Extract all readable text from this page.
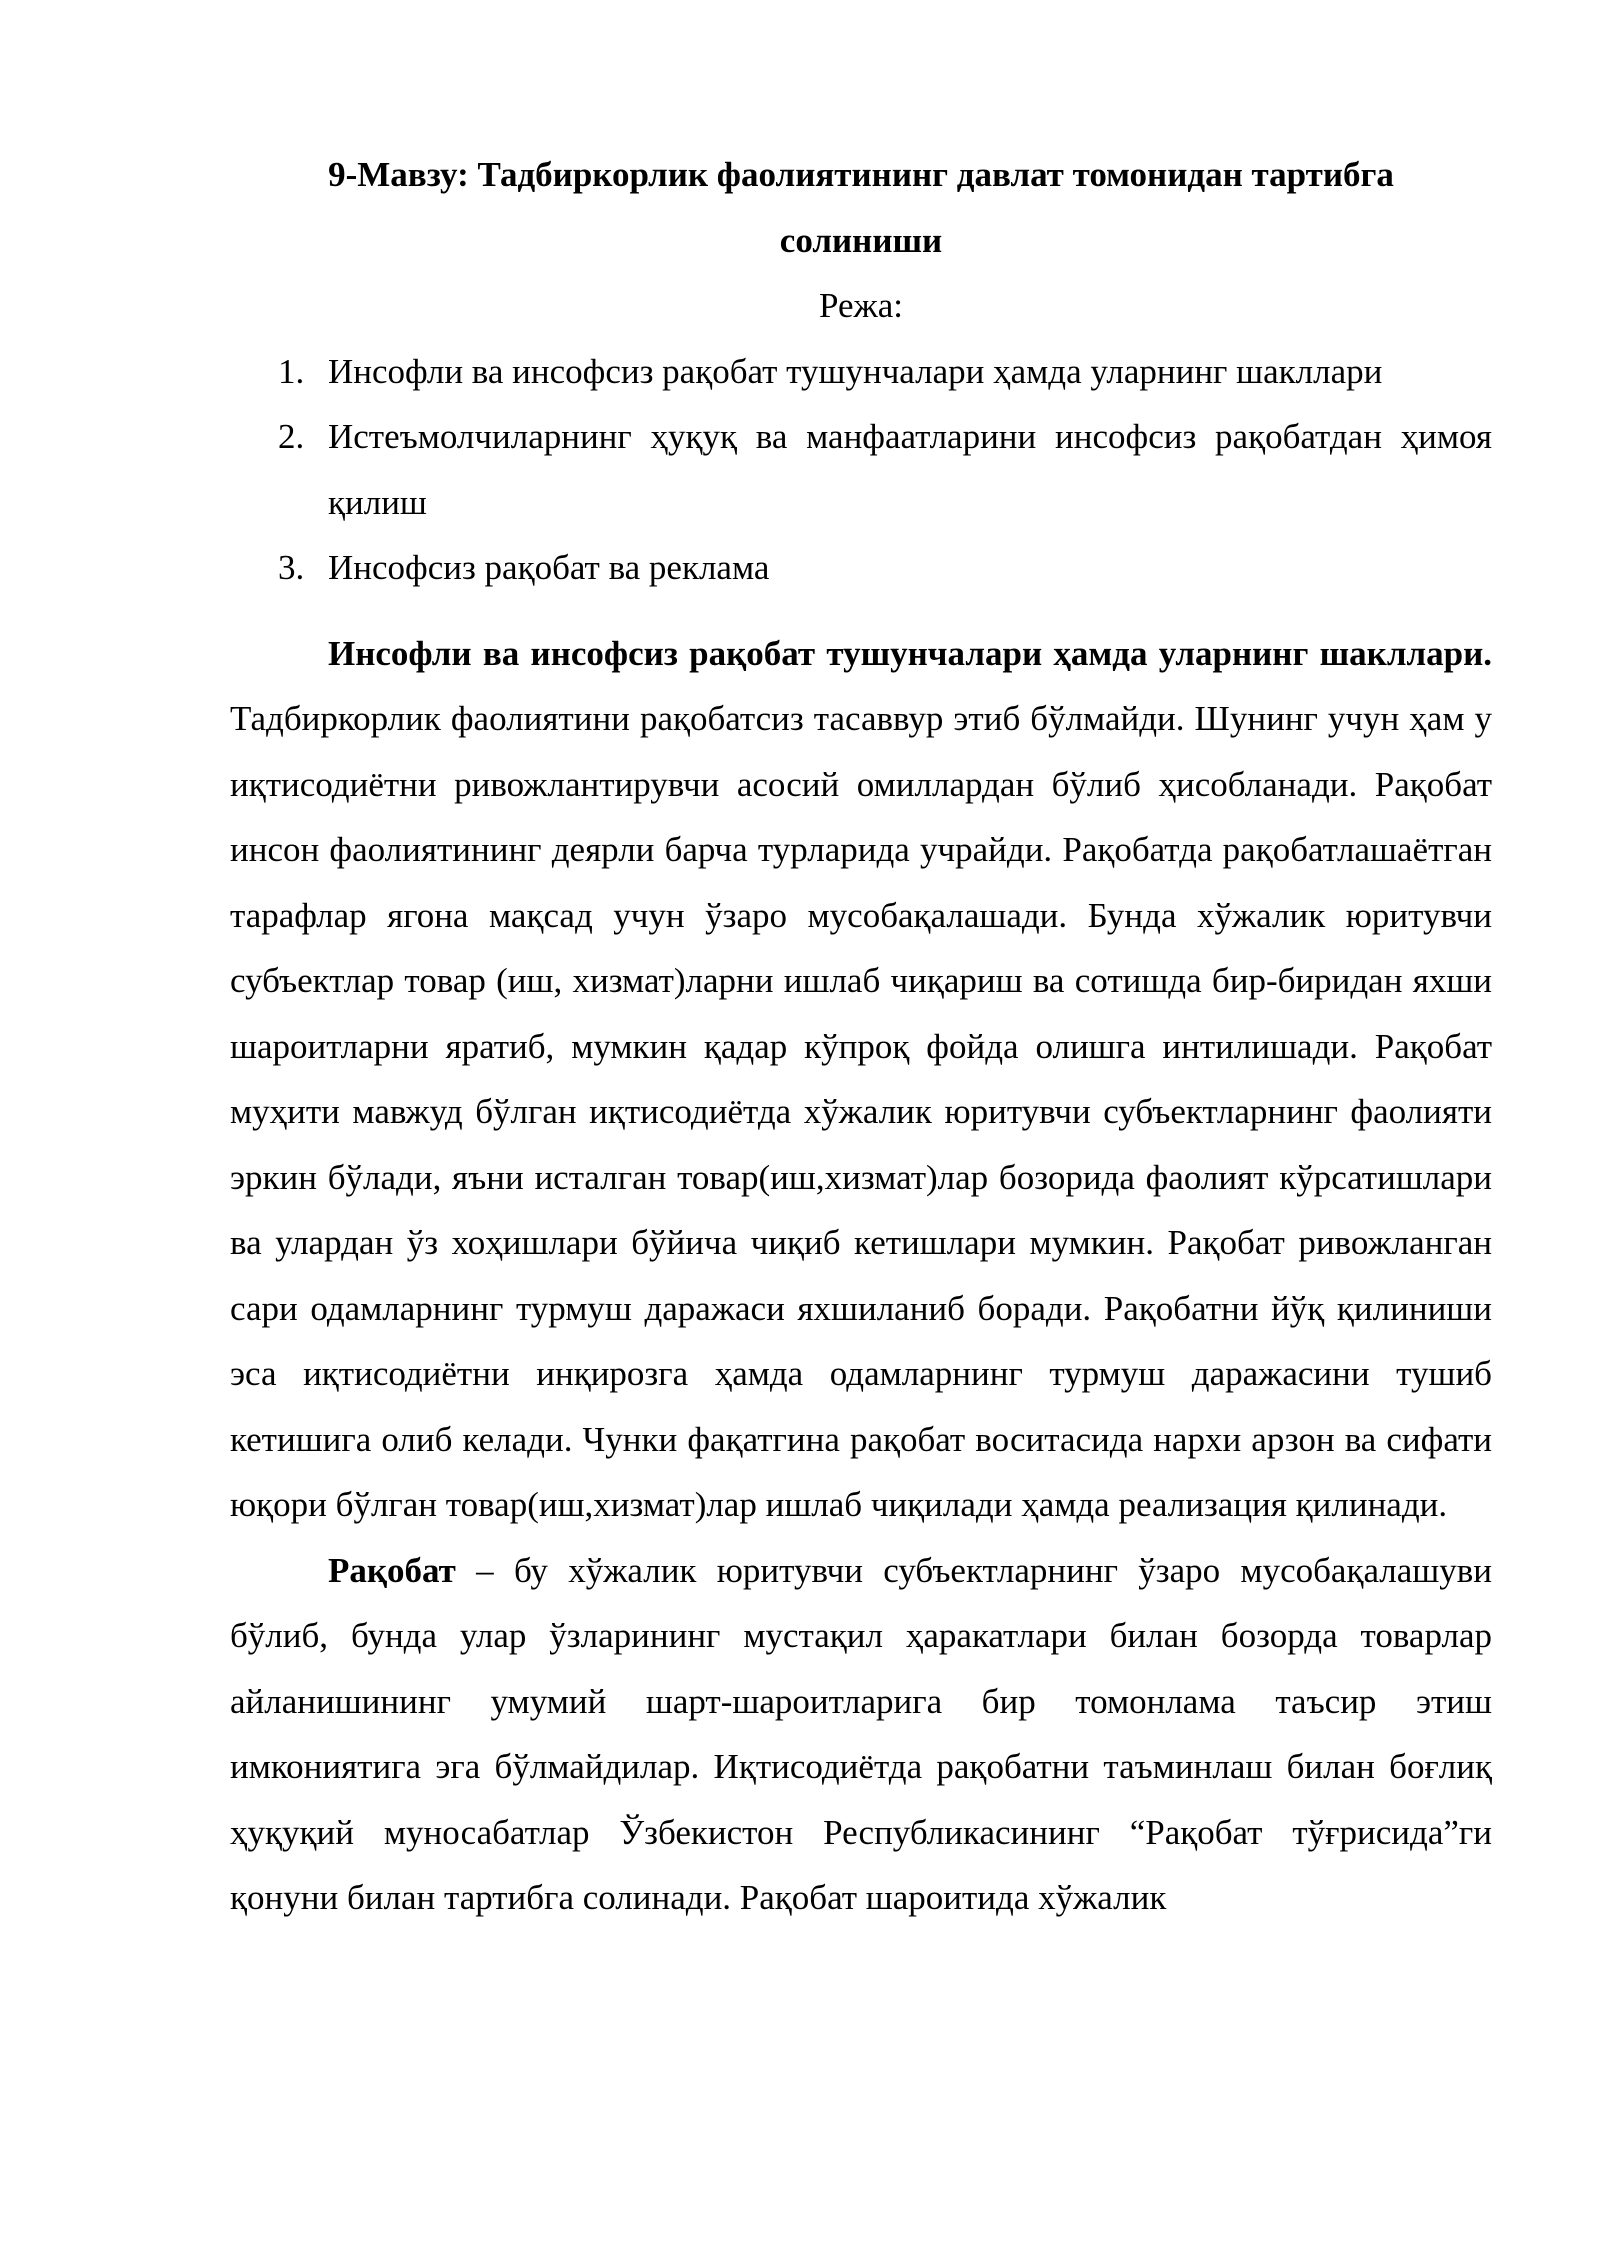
9-Мавзу: Тадбиркорлик фаолиятининг давлат томонидан тартибга солиниши

Режа:

1. Инсофли ва инсофсиз рақобат тушунчалари ҳамда уларнинг шакллари
2. Истеъмолчиларнинг ҳуқуқ ва манфаатларини инсофсиз рақобатдан ҳимоя қилиш
3. Инсофсиз рақобат ва реклама

Инсофли ва инсофсиз рақобат тушунчалари ҳамда уларнинг шакллари. Тадбиркорлик фаолиятини рақобатсиз тасаввур этиб бўлмайди. Шунинг учун ҳам у иқтисодиётни ривожлантирувчи асосий омиллардан бўлиб ҳисобланади. Рақобат инсон фаолиятининг деярли барча турларида учрайди. Рақобатда рақобатлашаётган тарафлар ягона мақсад учун ўзаро мусобақалашади. Бунда хўжалик юритувчи субъектлар товар (иш, хизмат)ларни ишлаб чиқариш ва сотишда бир-биридан яхши шароитларни яратиб, мумкин қадар кўпроқ фойда олишга интилишади. Рақобат муҳити мавжуд бўлган иқтисодиётда хўжалик юритувчи субъектларнинг фаолияти эркин бўлади, яъни исталган товар(иш,хизмат)лар бозорида фаолият кўрсатишлари ва улардан ўз хоҳишлари бўйича чиқиб кетишлари мумкин. Рақобат ривожланган сари одамларнинг турмуш даражаси яхшиланиб боради. Рақобатни йўқ қилиниши эса иқтисодиётни инқирозга ҳамда одамларнинг турмуш даражасини тушиб кетишига олиб келади. Чунки фақатгина рақобат воситасида нархи арзон ва сифати юқори бўлган товар(иш,хизмат)лар ишлаб чиқилади ҳамда реализация қилинади.

Рақобат – бу хўжалик юритувчи субъектларнинг ўзаро мусобақалашуви бўлиб, бунда улар ўзларининг мустақил ҳаракатлари билан бозорда товарлар айланишининг умумий шарт-шароитларига бир томонлама таъсир этиш имкониятига эга бўлмайдилар. Иқтисодиётда рақобатни таъминлаш билан боғлиқ ҳуқуқий муносабатлар Ўзбекистон Республикасининг “Рақобат тўғрисида”ги қонуни билан тартибга солинади. Рақобат шароитида хўжалик
